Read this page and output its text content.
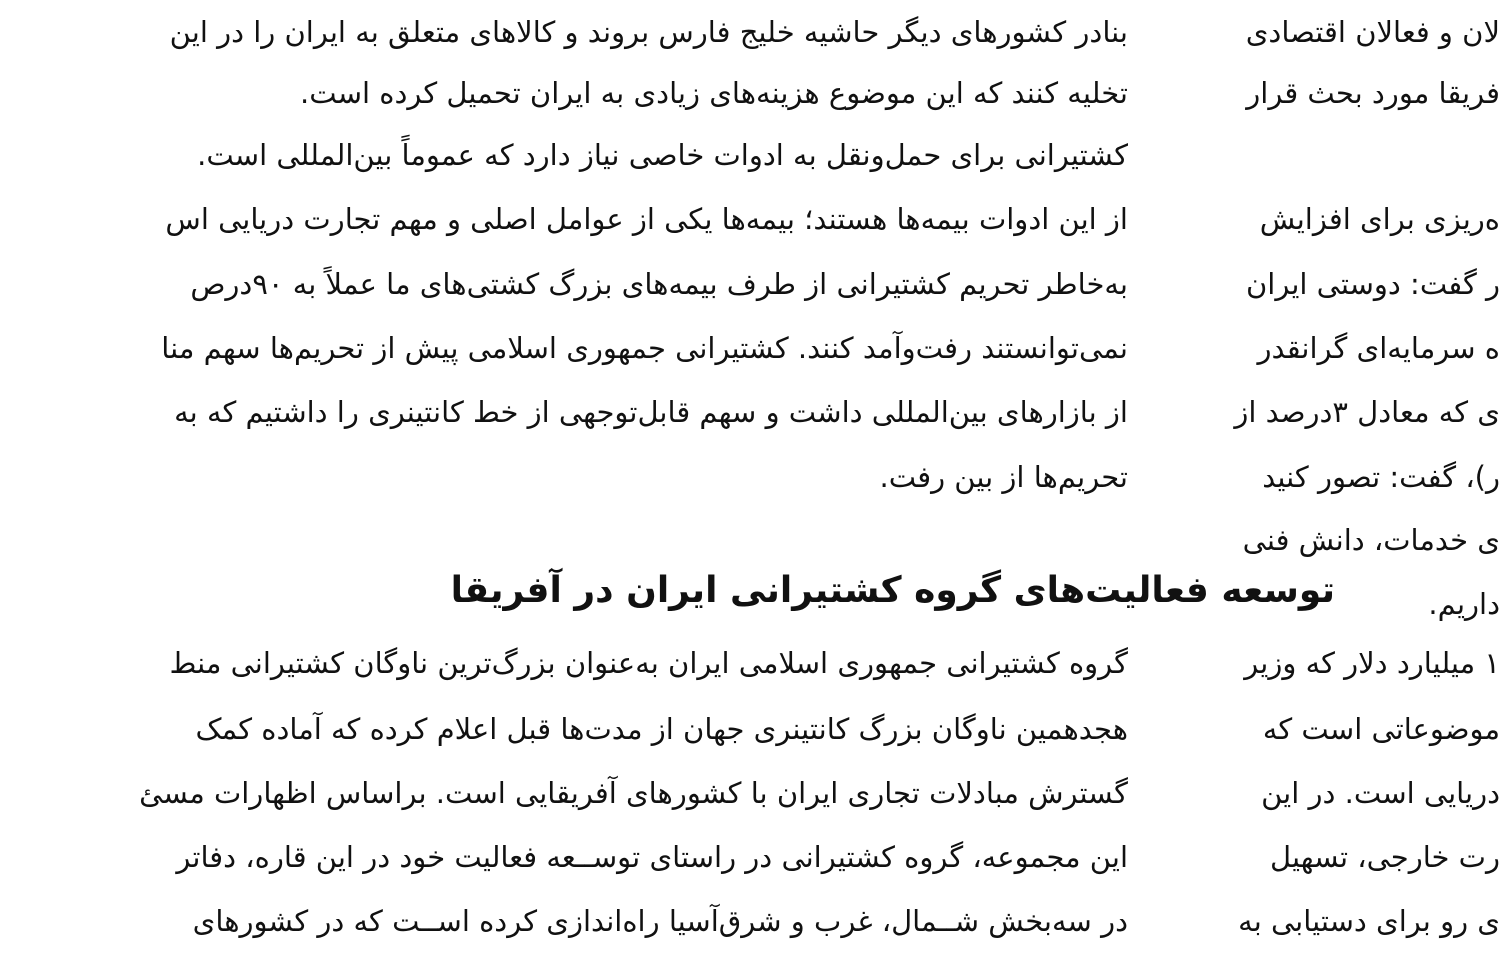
بنادر کشورهای دیگر حاشیه خلیج فارس بروند و کالاهای متعلق به ایران را در این
تخلیه کنند که این موضوع هزینه‌های زیادی به ایران تحمیل کرده است.
کشتیرانی برای حمل‌ونقل به ادوات خاصی نیاز دارد که عموماً بین‌المللی است.
از این ادوات بیمه‌ها هستند؛ بیمه‌ها یکی از عوامل اصلی و مهم تجارت دریایی اس
به‌خاطر تحریم کشتیرانی از طرف بیمه‌های بزرگ کشتی‌های ما عملاً به ۹۰درص
نمی‌توانستند رفت‌وآمد کنند. کشتیرانی جمهوری اسلامی پیش از تحریم‌ها سهم منا
از بازارهای بین‌المللی داشت و سهم قابل‌توجهی از خط کانتینری را داشتیم که به
تحریم‌ها از بین رفت.
گروه کشتیرانی جمهوری اسلامی ایران به‌عنوان بزرگ‌ترین ناوگان کشتیرانی منط
هجدهمین ناوگان بزرگ کانتینری جهان از مدت‌ها قبل اعلام کرده که آماده کمک
گسترش مبادلات تجاری ایران با کشورهای آفریقایی است. براساس اظهارات مسئ
این مجموعه، گروه کشتیرانی در راستای توســعه فعالیت خود در این قاره، دفاتر
در سه‌بخش شــمال، غرب و شرق‌آسیا راه‌اندازی کرده اســت که در کشورهای
توسعه فعالیت‌های گروه کشتیرانی ایران در آفریقا
لان و فعالان اقتصادی
فریقا مورد بحث قرار
ه‌ریزی برای افزایش
ر گفت: دوستی ایران
ه سرمایه‌ای گرانقدر
ی که معادل ۳درصد از
ر)، گفت: تصور کنید
ی خدمات، دانش فنی
داریم.
۱ میلیارد دلار که وزیر
موضوعاتی است که
دریایی است. در این
رت خارجی، تسهیل
ی رو برای دستیابی به
